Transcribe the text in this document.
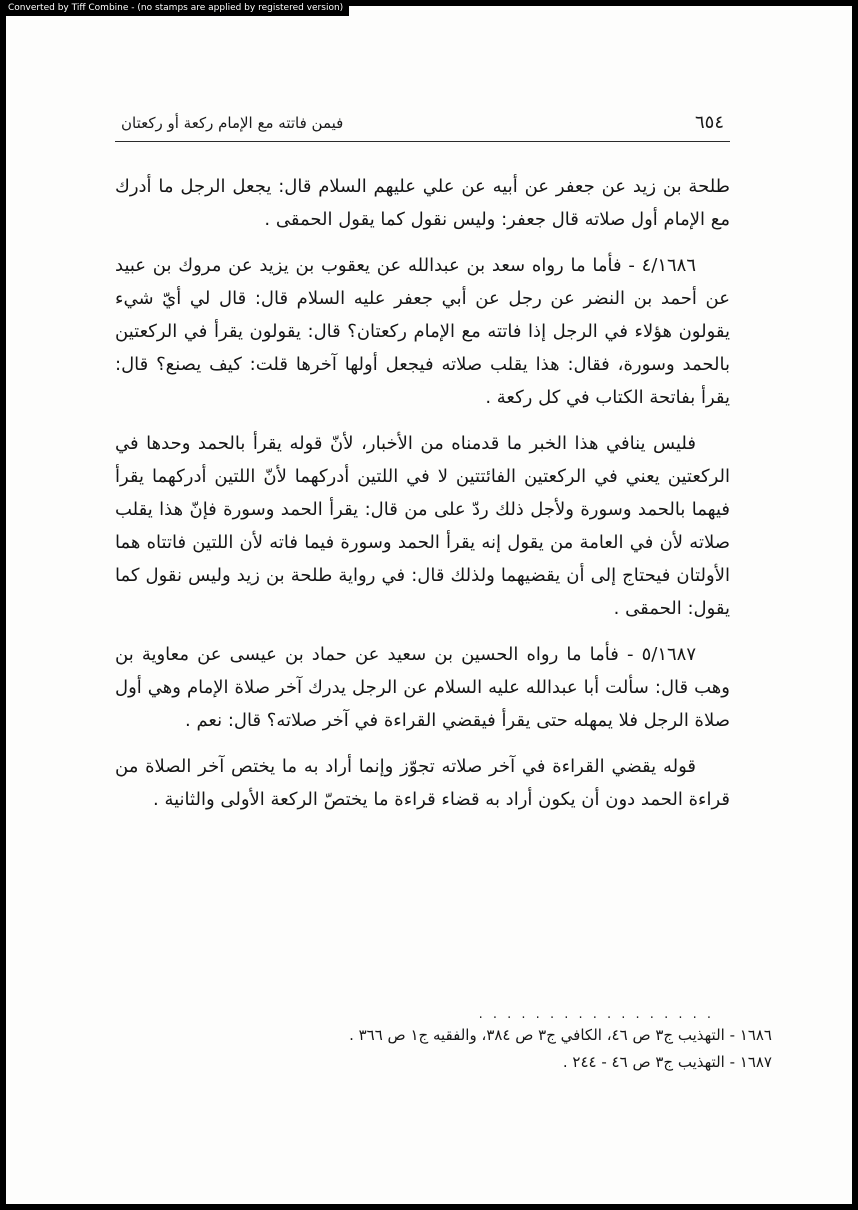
Converted by Tiff Combine - (no stamps are applied by registered version)
فيمن فاتته مع الإمام ركعة أو ركعتان	٦٥٤

طلحة بن زيد عن جعفر عن أبيه عن علي عليهم السلام قال: يجعل الرجل ما أدرك مع الإمام أول صلاته قال جعفر: وليس نقول كما يقول الحمقى .

٤/١٦٨٦ - فأما ما رواه سعد بن عبدالله عن يعقوب بن يزيد عن مروك بن عبيد عن أحمد بن النضر عن رجل عن أبي جعفر عليه السلام قال: قال لي أيّ شيء يقولون هؤلاء في الرجل إذا فاتته مع الإمام ركعتان؟ قال: يقولون يقرأ في الركعتين بالحمد وسورة، فقال: هذا يقلب صلاته فيجعل أولها آخرها قلت: كيف يصنع؟ قال: يقرأ بفاتحة الكتاب في كل ركعة .

فليس ينافي هذا الخبر ما قدمناه من الأخبار، لأنّ قوله يقرأ بالحمد وحدها في الركعتين يعني في الركعتين الفائتتين لا في اللتين أدركهما لأنّ اللتين أدركهما يقرأ فيهما بالحمد وسورة ولأجل ذلك ردّ على من قال: يقرأ الحمد وسورة فإنّ هذا يقلب صلاته لأن في العامة من يقول إنه يقرأ الحمد وسورة فيما فاته لأن اللتين فاتتاه هما الأولتان فيحتاج إلى أن يقضيهما ولذلك قال: في رواية طلحة بن زيد وليس نقول كما يقول: الحمقى .

٥/١٦٨٧ - فأما ما رواه الحسين بن سعيد عن حماد بن عيسى عن معاوية بن وهب قال: سألت أبا عبدالله عليه السلام عن الرجل يدرك آخر صلاة الإمام وهي أول صلاة الرجل فلا يمهله حتى يقرأ فيقضي القراءة في آخر صلاته؟ قال: نعم .

قوله يقضي القراءة في آخر صلاته تجوّز وإنما أراد به ما يختص آخر الصلاة من قراءة الحمد دون أن يكون أراد به قضاء قراءة ما يختصّ الركعة الأولى والثانية .

. . . . . . . . . . . . . . . . .
١٦٨٦ - التهذيب ج٣ ص ٤٦، الكافي ج٣ ص ٣٨٤، والفقيه ج١ ص ٣٦٦ .
١٦٨٧ - التهذيب ج٣ ص ٤٦ - ٢٤٤ .
